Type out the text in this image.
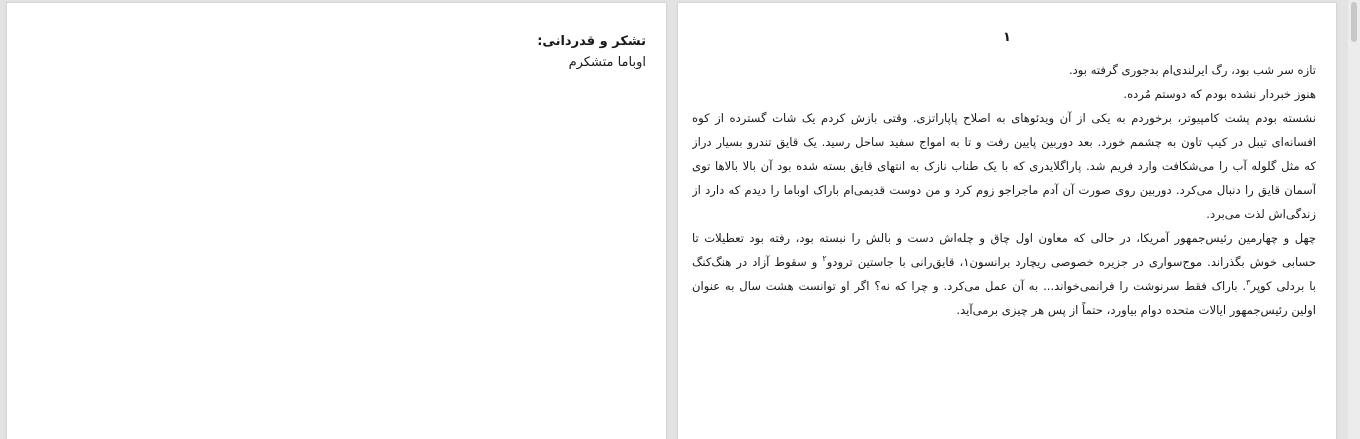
تشکر و قدردانی:
اوباما متشکرم
۱
تازه سر شب بود، رگ ایرلندی‌ام بدجوری گرفته بود.
هنوز خبردار نشده بودم که دوستم مُرده.
نشسته بودم پشت کامپیوتر، برخوردم به یکی از آن ویدئوهای به اصلاح پاپاراتزی. وقتی بازش کردم یک شات گسترده از کوه
افسانه‌ای تیبل در کیپ تاون به چشمم خورد. بعد دوربین پایین رفت و تا به امواج سفید ساحل رسید. یک قایق تندرو بسیار دراز
که مثل گلوله آب را می‌شکافت وارد فریم شد. پاراگلایدری که با یک طناب نازک به انتهای قایق بسته شده بود آن بالا بالاها توی
آسمان قایق را دنبال می‌کرد. دوربین روی صورت آن آدم ماجراجو زوم کرد و من دوست قدیمی‌ام باراک اوباما را دیدم که دارد از
زندگی‌اش لذت می‌برد.
چهل و چهارمین رئیس‌جمهور آمریکا، در حالی که معاون اول چاق و چله‌اش دست و بالش را نبسته بود، رفته بود تعطیلات تا
حسابی خوش بگذراند. موج‌سواری در جزیره خصوصی ریچارد برانسون۱، قایق‌رانی با جاستین ترودو$^۲$ و سقوط آزاد در هنگ‌کنگ
با بردلی کوپر$^۳$. باراک فقط سرنوشت را فرانمی‌خواند... به آن عمل می‌کرد. و چرا که نه؟ اگر او توانست هشت سال به عنوان
اولین رئیس‌جمهور ایالات متحده دوام بیاورد، حتماً از پس هر چیزی برمی‌آید.
